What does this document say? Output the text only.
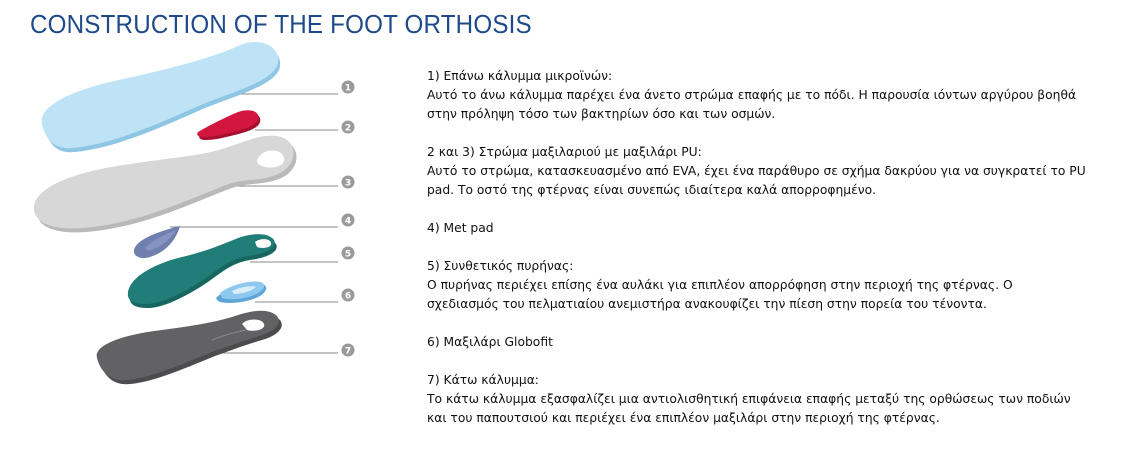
CONSTRUCTION OF THE FOOT ORTHOSIS
1
2
3
4
5
6
7

1) Επάνω κάλυμμα μικροϊνών:

Αυτό το άνω κάλυμμα παρέχει ένα άνετο στρώμα επαφής με το πόδι. Η παρουσία ιόντων αργύρου βοηθά

στην πρόληψη τόσο των βακτηρίων όσο και των οσμών.

2 και 3) Στρώμα μαξιλαριού με μαξιλάρι PU:

Αυτό το στρώμα, κατασκευασμένο από EVA, έχει ένα παράθυρο σε σχήμα δακρύου για να συγκρατεί το PU

pad. Το οστό της φτέρνας είναι συνεπώς ιδιαίτερα καλά απορροφημένο.

4) Met pad

5) Συνθετικός πυρήνας:

Ο πυρήνας περιέχει επίσης ένα αυλάκι για επιπλέον απορρόφηση στην περιοχή της φτέρνας. Ο

σχεδιασμός του πελματιαίου ανεμιστήρα ανακουφίζει την πίεση στην πορεία του τένοντα.

6) Μαξιλάρι Globofit

7) Κάτω κάλυμμα:

Το κάτω κάλυμμα εξασφαλίζει μια αντιολισθητική επιφάνεια επαφής μεταξύ της ορθώσεως των ποδιών

και του παπουτσιού και περιέχει ένα επιπλέον μαξιλάρι στην περιοχή της φτέρνας.
